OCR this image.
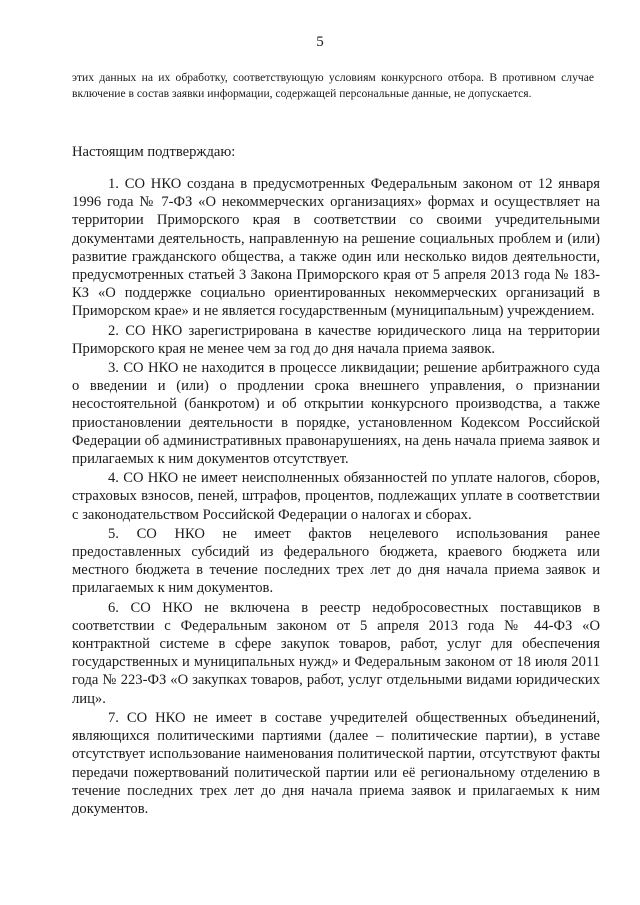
5
этих данных на их обработку, соответствующую условиям конкурсного отбора. В противном случае включение в состав заявки информации, содержащей персональные данные, не допускается.
Настоящим подтверждаю:

1. СО НКО создана в предусмотренных Федеральным законом от 12 января 1996 года № 7-ФЗ «О некоммерческих организациях» формах и осуществляет на территории Приморского края в соответствии со своими учредительными документами деятельность, направленную на решение социальных проблем и (или) развитие гражданского общества, а также один или несколько видов деятельности, предусмотренных статьей 3 Закона Приморского края от 5 апреля 2013 года № 183-КЗ «О поддержке социально ориентированных некоммерческих организаций в Приморском крае» и не является государственным (муниципальным) учреждением.

2. СО НКО зарегистрирована в качестве юридического лица на территории Приморского края не менее чем за год до дня начала приема заявок.

3. СО НКО не находится в процессе ликвидации; решение арбитражного суда о введении и (или) о продлении срока внешнего управления, о признании несостоятельной (банкротом) и об открытии конкурсного производства, а также приостановлении деятельности в порядке, установленном Кодексом Российской Федерации об административных правонарушениях, на день начала приема заявок и прилагаемых к ним документов отсутствует.

4. СО НКО не имеет неисполненных обязанностей по уплате налогов, сборов, страховых взносов, пеней, штрафов, процентов, подлежащих уплате в соответствии с законодательством Российской Федерации о налогах и сборах.

5. СО НКО не имеет фактов нецелевого использования ранее предоставленных субсидий из федерального бюджета, краевого бюджета или местного бюджета в течение последних трех лет до дня начала приема заявок и прилагаемых к ним документов.

6. СО НКО не включена в реестр недобросовестных поставщиков в соответствии с Федеральным законом от 5 апреля 2013 года № 44-ФЗ «О контрактной системе в сфере закупок товаров, работ, услуг для обеспечения государственных и муниципальных нужд» и Федеральным законом от 18 июля 2011 года № 223-ФЗ «О закупках товаров, работ, услуг отдельными видами юридических лиц».

7. СО НКО не имеет в составе учредителей общественных объединений, являющихся политическими партиями (далее – политические партии), в уставе отсутствует использование наименования политической партии, отсутствуют факты передачи пожертвований политической партии или её региональному отделению в течение последних трех лет до дня начала приема заявок и прилагаемых к ним документов.
